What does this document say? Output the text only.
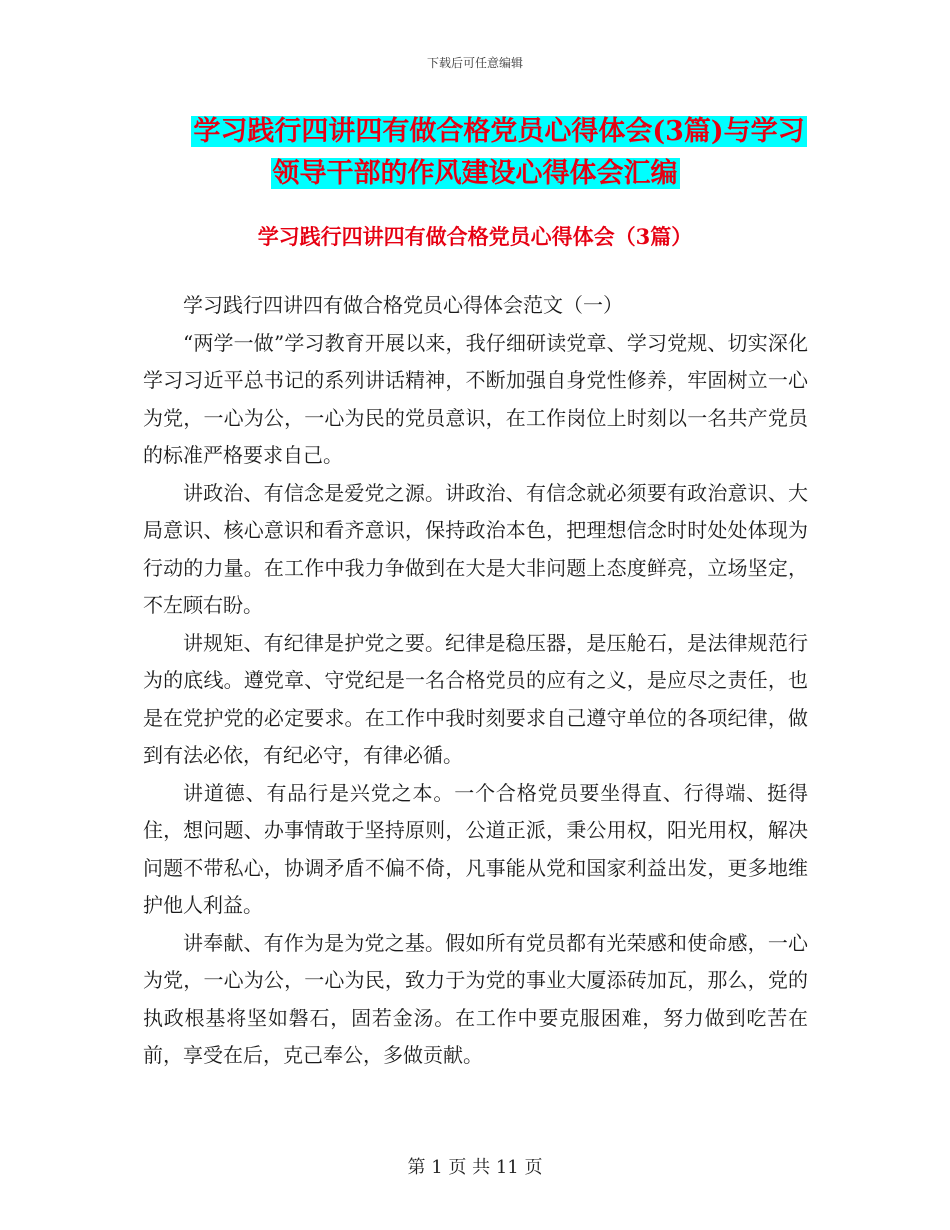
下载后可任意编辑
学习践行四讲四有做合格党员心得体会(3篇)与学习
领导干部的作风建设心得体会汇编
学习践行四讲四有做合格党员心得体会（3篇）

学习践行四讲四有做合格党员心得体会范文（一）

“两学一做”学习教育开展以来，我仔细研读党章、学习党规、切实深化学习习近平总书记的系列讲话精神，不断加强自身党性修养，牢固树立一心为党，一心为公，一心为民的党员意识，在工作岗位上时刻以一名共产党员的标准严格要求自己。

讲政治、有信念是爱党之源。讲政治、有信念就必须要有政治意识、大局意识、核心意识和看齐意识，保持政治本色，把理想信念时时处处体现为行动的力量。在工作中我力争做到在大是大非问题上态度鲜亮，立场坚定，不左顾右盼。

讲规矩、有纪律是护党之要。纪律是稳压器，是压舱石，是法律规范行为的底线。遵党章、守党纪是一名合格党员的应有之义，是应尽之责任，也是在党护党的必定要求。在工作中我时刻要求自己遵守单位的各项纪律，做到有法必依，有纪必守，有律必循。

讲道德、有品行是兴党之本。一个合格党员要坐得直、行得端、挺得住，想问题、办事情敢于坚持原则，公道正派，秉公用权，阳光用权，解决问题不带私心，协调矛盾不偏不倚，凡事能从党和国家利益出发，更多地维护他人利益。

讲奉献、有作为是为党之基。假如所有党员都有光荣感和使命感，一心为党，一心为公，一心为民，致力于为党的事业大厦添砖加瓦，那么，党的执政根基将坚如磐石，固若金汤。在工作中要克服困难，努力做到吃苦在前，享受在后，克己奉公，多做贡献。

第 1 页 共 11 页
